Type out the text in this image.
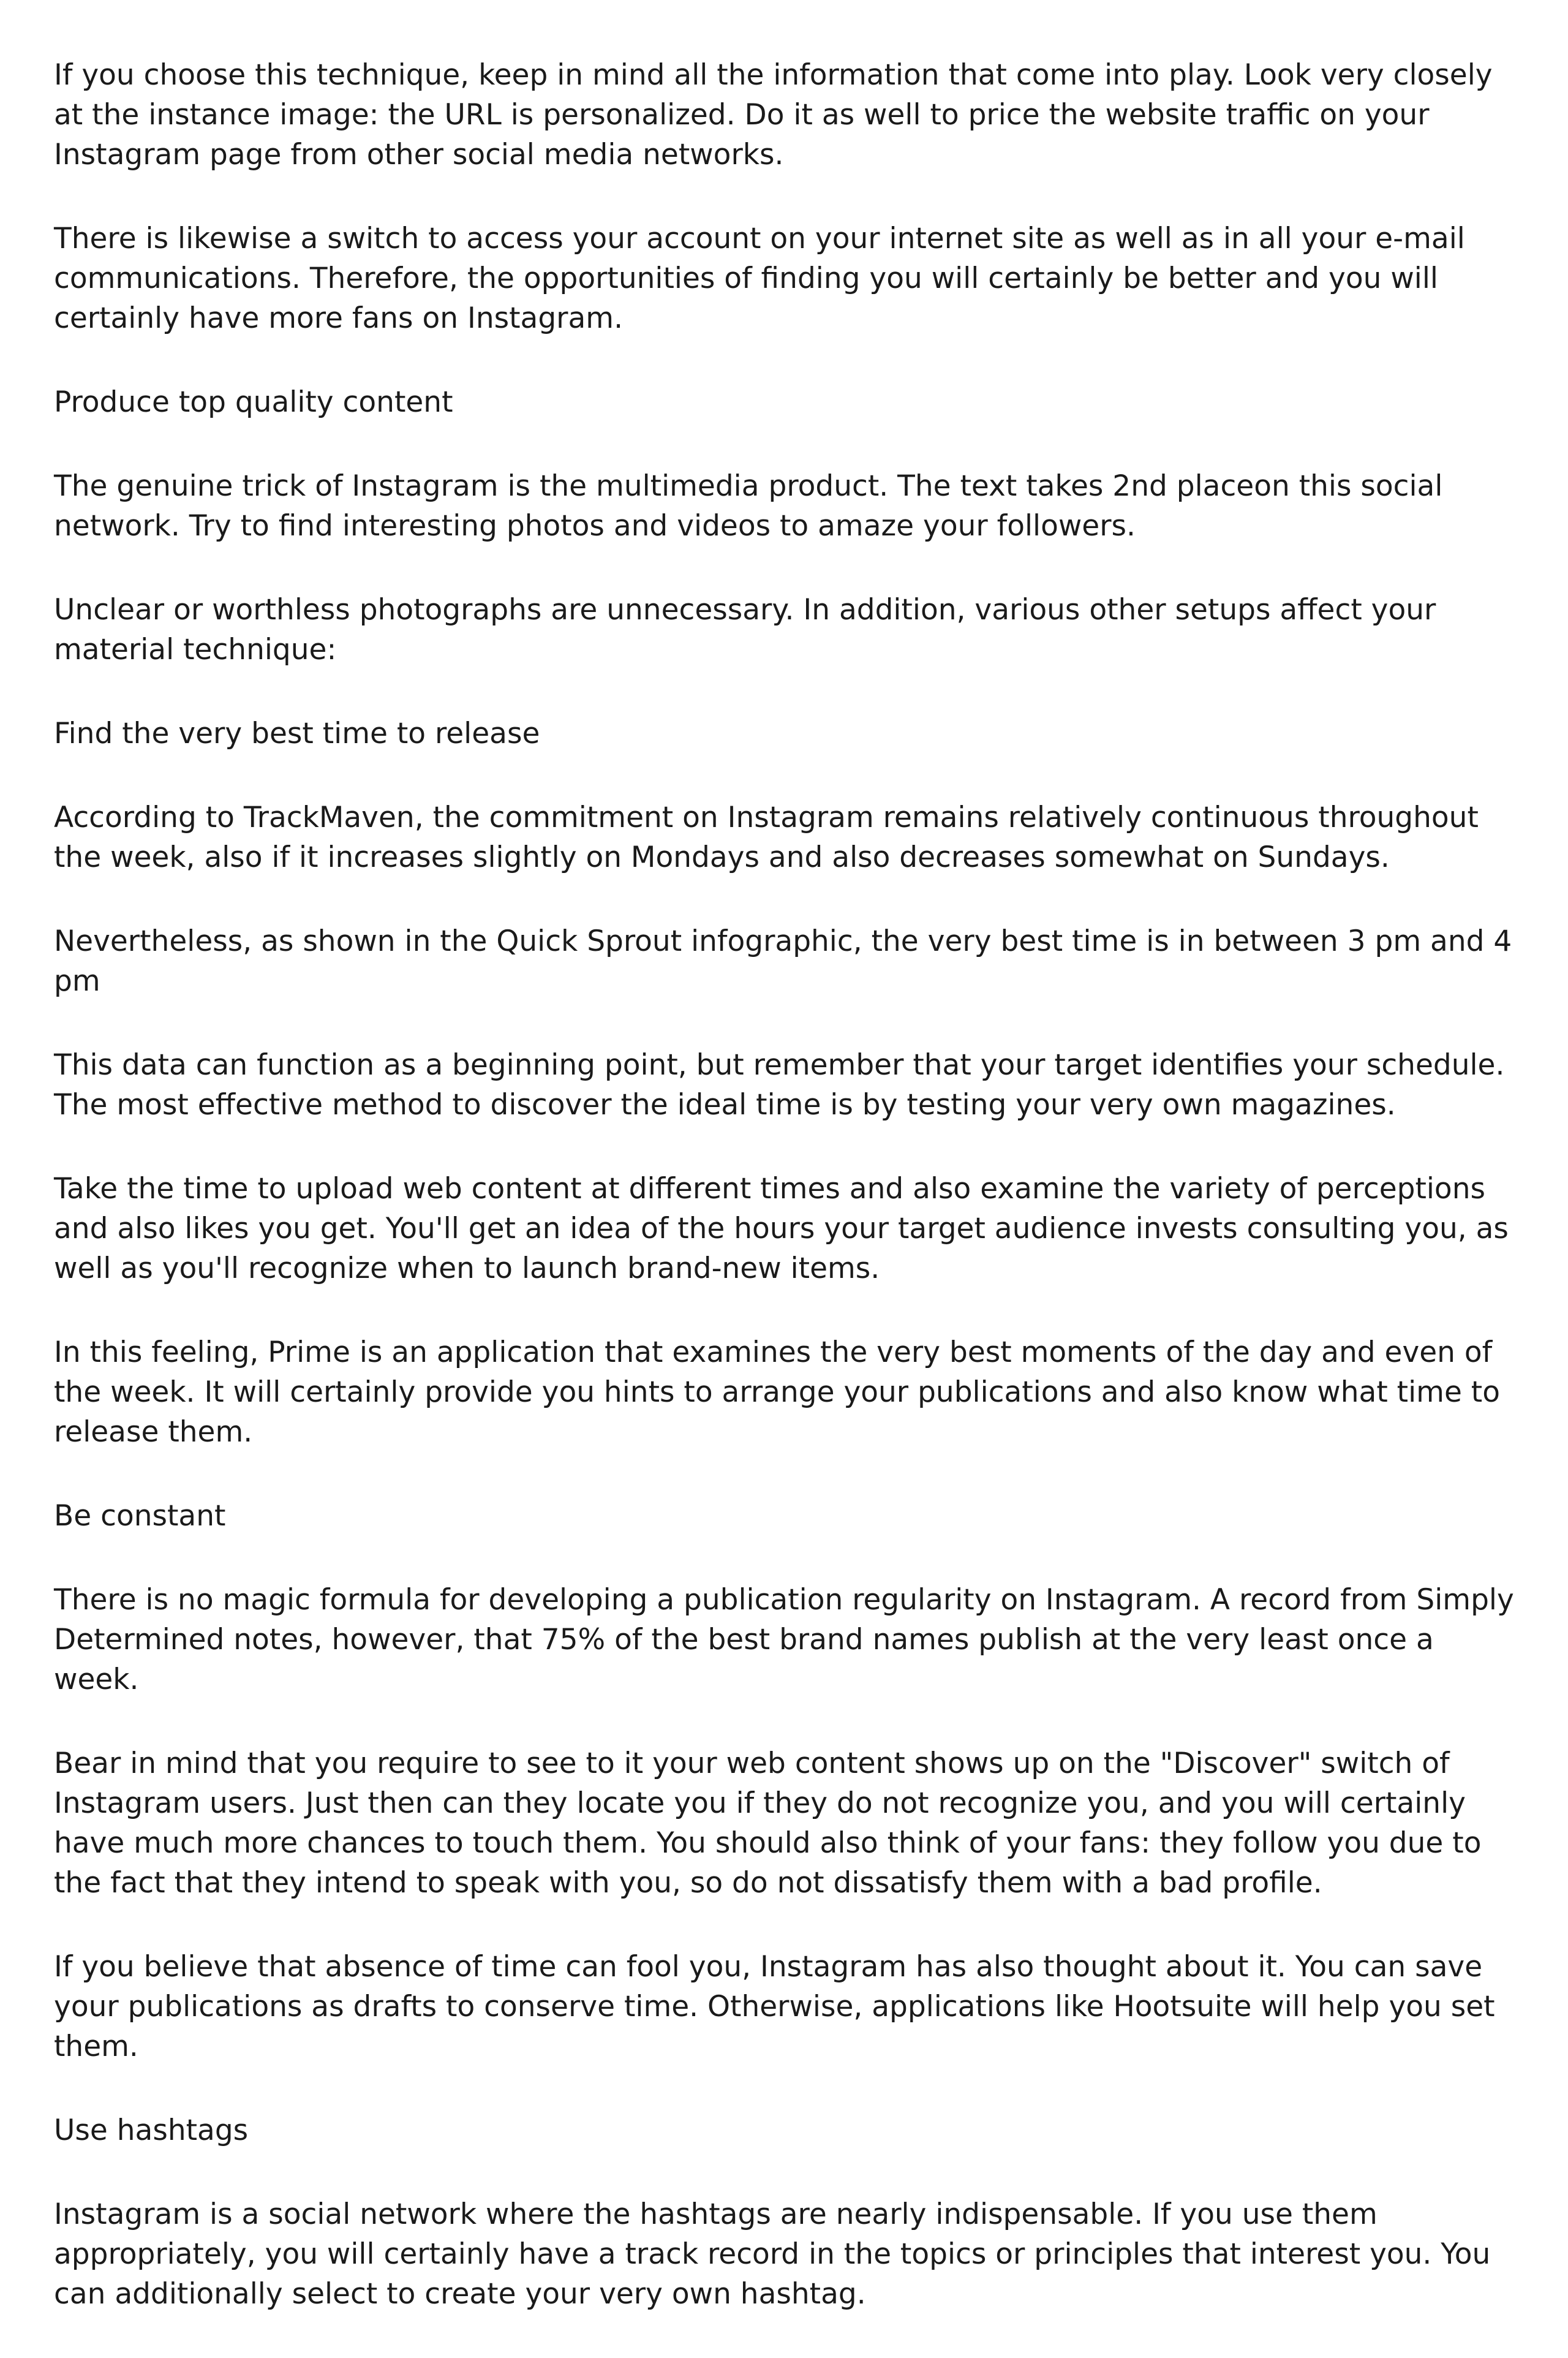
If you choose this technique, keep in mind all the information that come into play. Look very closely at the instance image: the URL is personalized. Do it as well to price the website traffic on your Instagram page from other social media networks.

There is likewise a switch to access your account on your internet site as well as in all your e-mail communications. Therefore, the opportunities of finding you will certainly be better and you will certainly have more fans on Instagram.

Produce top quality content

The genuine trick of Instagram is the multimedia product. The text takes 2nd placeon this social network. Try to find interesting photos and videos to amaze your followers.

Unclear or worthless photographs are unnecessary. In addition, various other setups affect your material technique:

Find the very best time to release

According to TrackMaven, the commitment on Instagram remains relatively continuous throughout the week, also if it increases slightly on Mondays and also decreases somewhat on Sundays.

Nevertheless, as shown in the Quick Sprout infographic, the very best time is in between 3 pm and 4 pm

This data can function as a beginning point, but remember that your target identifies your schedule. The most effective method to discover the ideal time is by testing your very own magazines.

Take the time to upload web content at different times and also examine the variety of perceptions and also likes you get. You'll get an idea of the hours your target audience invests consulting you, as well as you'll recognize when to launch brand-new items.

In this feeling, Prime is an application that examines the very best moments of the day and even of the week. It will certainly provide you hints to arrange your publications and also know what time to release them.

Be constant

There is no magic formula for developing a publication regularity on Instagram. A record from Simply Determined notes, however, that 75% of the best brand names publish at the very least once a week.

Bear in mind that you require to see to it your web content shows up on the "Discover" switch of Instagram users. Just then can they locate you if they do not recognize you, and you will certainly have much more chances to touch them. You should also think of your fans: they follow you due to the fact that they intend to speak with you, so do not dissatisfy them with a bad profile.

If you believe that absence of time can fool you, Instagram has also thought about it. You can save your publications as drafts to conserve time. Otherwise, applications like Hootsuite will help you set them.

Use hashtags

Instagram is a social network where the hashtags are nearly indispensable. If you use them appropriately, you will certainly have a track record in the topics or principles that interest you. You can additionally select to create your very own hashtag.
